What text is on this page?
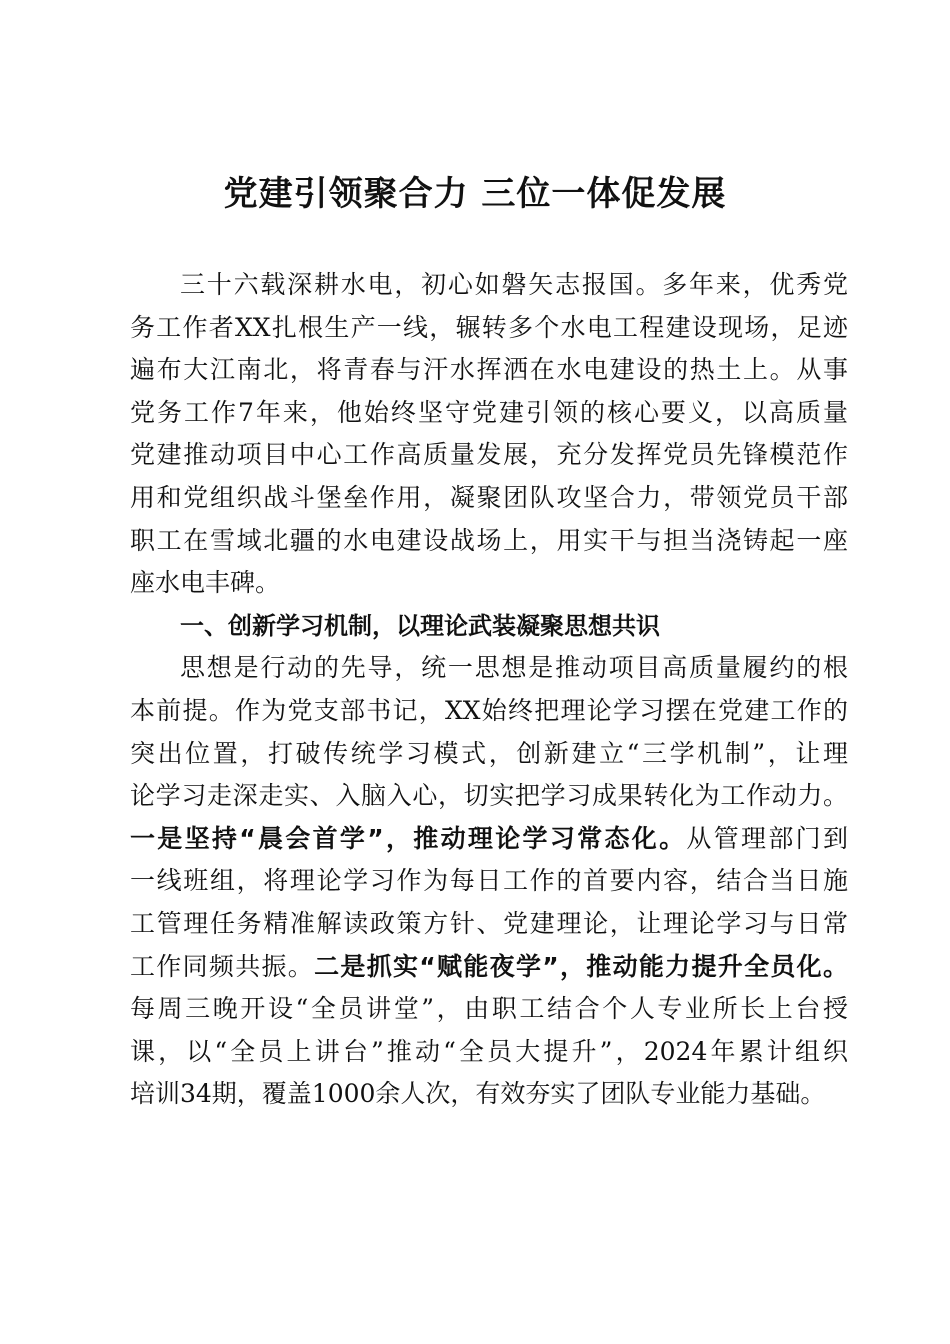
党建引领聚合力 三位一体促发展
三十六载深耕水电，初心如磐矢志报国。多年来，优秀党
务工作者XX扎根生产一线，辗转多个水电工程建设现场，足迹
遍布大江南北，将青春与汗水挥洒在水电建设的热土上。从事
党务工作7年来，他始终坚守党建引领的核心要义，以高质量
党建推动项目中心工作高质量发展，充分发挥党员先锋模范作
用和党组织战斗堡垒作用，凝聚团队攻坚合力，带领党员干部
职工在雪域北疆的水电建设战场上，用实干与担当浇铸起一座
座水电丰碑。
一、创新学习机制，以理论武装凝聚思想共识
思想是行动的先导，统一思想是推动项目高质量履约的根
本前提。作为党支部书记，XX始终把理论学习摆在党建工作的
突出位置，打破传统学习模式，创新建立“三学机制”，让理
论学习走深走实、入脑入心，切实把学习成果转化为工作动力。
一是坚持“晨会首学”，推动理论学习常态化。从管理部门到
一线班组，将理论学习作为每日工作的首要内容，结合当日施
工管理任务精准解读政策方针、党建理论，让理论学习与日常
工作同频共振。二是抓实“赋能夜学”，推动能力提升全员化。
每周三晚开设“全员讲堂”，由职工结合个人专业所长上台授
课，以“全员上讲台”推动“全员大提升”，2024年累计组织
培训34期，覆盖1000余人次，有效夯实了团队专业能力基础。
